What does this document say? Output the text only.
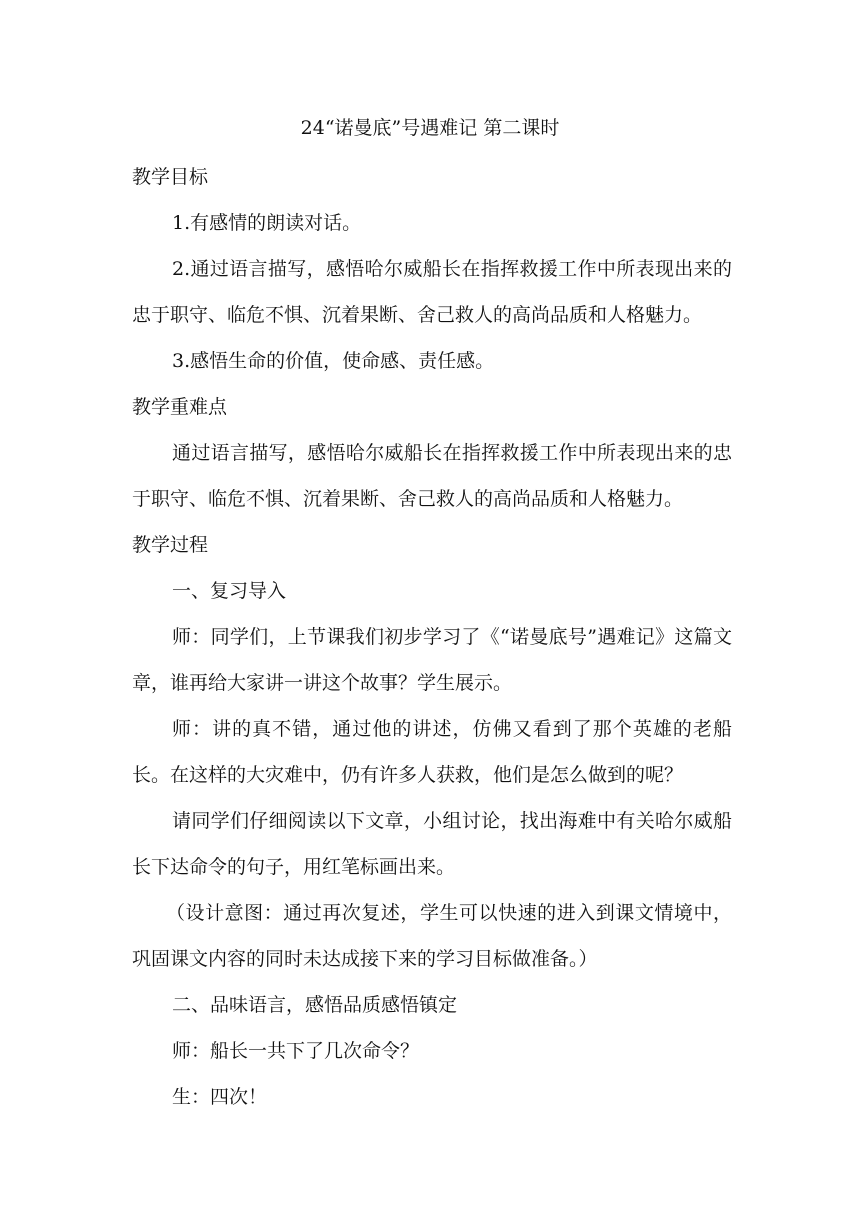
24“诺曼底”号遇难记 第二课时

教学目标

1.有感情的朗读对话。

2.通过语言描写，感悟哈尔威船长在指挥救援工作中所表现出来的忠于职守、临危不惧、沉着果断、舍己救人的高尚品质和人格魅力。

3.感悟生命的价值，使命感、责任感。

教学重难点

通过语言描写，感悟哈尔威船长在指挥救援工作中所表现出来的忠于职守、临危不惧、沉着果断、舍己救人的高尚品质和人格魅力。

教学过程

一、复习导入

师：同学们，上节课我们初步学习了《“诺曼底号”遇难记》这篇文章，谁再给大家讲一讲这个故事？学生展示。

师：讲的真不错，通过他的讲述，仿佛又看到了那个英雄的老船长。在这样的大灾难中，仍有许多人获救，他们是怎么做到的呢？

请同学们仔细阅读以下文章，小组讨论，找出海难中有关哈尔威船长下达命令的句子，用红笔标画出来。

（设计意图：通过再次复述，学生可以快速的进入到课文情境中，巩固课文内容的同时未达成接下来的学习目标做准备。）

二、品味语言，感悟品质感悟镇定

师：船长一共下了几次命令？

生：四次！
